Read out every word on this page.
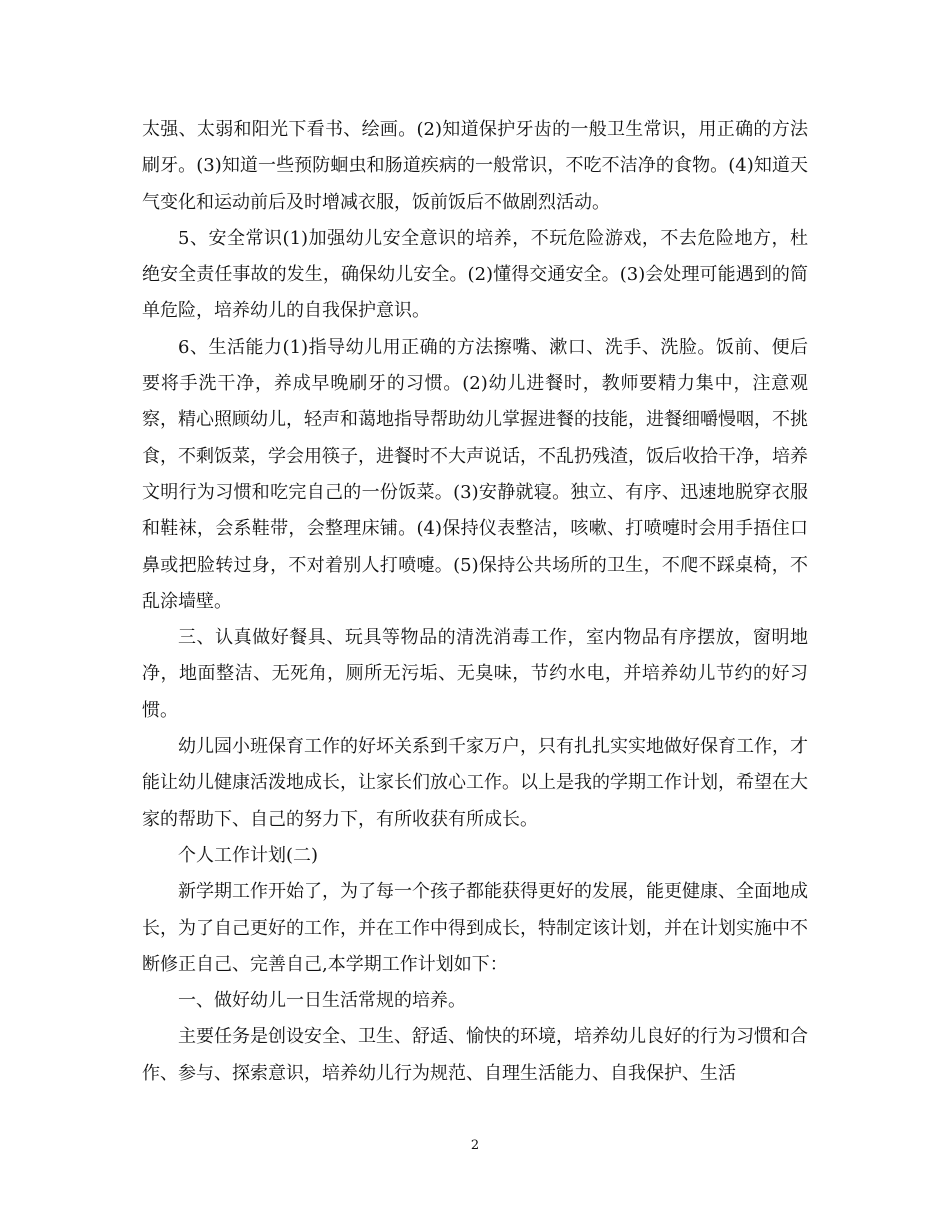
太强、太弱和阳光下看书、绘画。(2)知道保护牙齿的一般卫生常识，用正确的方法刷牙。(3)知道一些预防蛔虫和肠道疾病的一般常识，不吃不洁净的食物。(4)知道天气变化和运动前后及时增减衣服，饭前饭后不做剧烈活动。

5、安全常识(1)加强幼儿安全意识的培养，不玩危险游戏，不去危险地方，杜绝安全责任事故的发生，确保幼儿安全。(2)懂得交通安全。(3)会处理可能遇到的简单危险，培养幼儿的自我保护意识。

6、生活能力(1)指导幼儿用正确的方法擦嘴、漱口、洗手、洗脸。饭前、便后要将手洗干净，养成早晚刷牙的习惯。(2)幼儿进餐时，教师要精力集中，注意观察，精心照顾幼儿，轻声和蔼地指导帮助幼儿掌握进餐的技能，进餐细嚼慢咽，不挑食，不剩饭菜，学会用筷子，进餐时不大声说话，不乱扔残渣，饭后收拾干净，培养文明行为习惯和吃完自己的一份饭菜。(3)安静就寝。独立、有序、迅速地脱穿衣服和鞋袜，会系鞋带，会整理床铺。(4)保持仪表整洁，咳嗽、打喷嚏时会用手捂住口鼻或把脸转过身，不对着别人打喷嚏。(5)保持公共场所的卫生，不爬不踩桌椅，不乱涂墙壁。

三、认真做好餐具、玩具等物品的清洗消毒工作，室内物品有序摆放，窗明地净，地面整洁、无死角，厕所无污垢、无臭味，节约水电，并培养幼儿节约的好习惯。

幼儿园小班保育工作的好坏关系到千家万户，只有扎扎实实地做好保育工作，才能让幼儿健康活泼地成长，让家长们放心工作。以上是我的学期工作计划，希望在大家的帮助下、自己的努力下，有所收获有所成长。

个人工作计划(二)

新学期工作开始了，为了每一个孩子都能获得更好的发展，能更健康、全面地成长，为了自己更好的工作，并在工作中得到成长，特制定该计划，并在计划实施中不断修正自己、完善自己,本学期工作计划如下：

一、做好幼儿一日生活常规的培养。

主要任务是创设安全、卫生、舒适、愉快的环境，培养幼儿良好的行为习惯和合作、参与、探索意识，培养幼儿行为规范、自理生活能力、自我保护、生活

2
